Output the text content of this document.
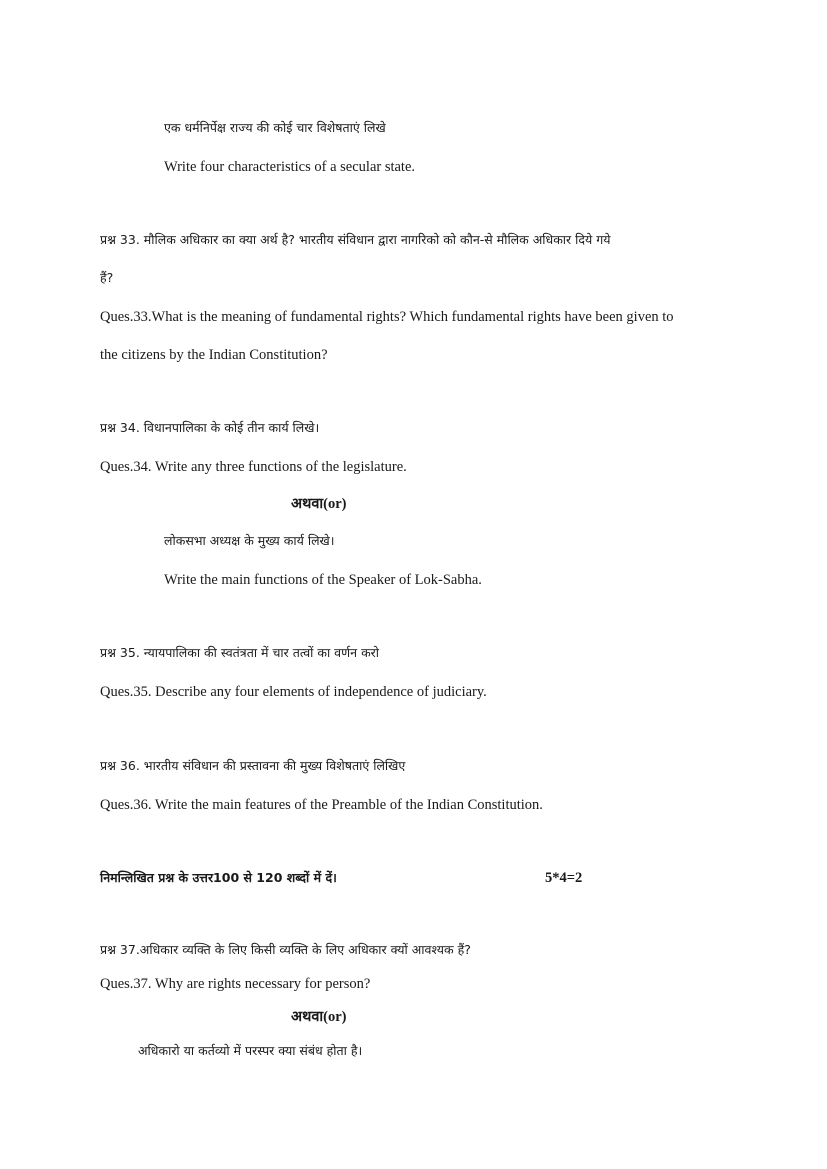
एक धर्मनिर्पेक्ष राज्य की कोई चार विशेषताएं लिखे
Write four characteristics of a secular state.
प्रश्न 33. मौलिक अधिकार का क्या अर्थ है? भारतीय संविधान द्वारा नागरिको को कौन-से मौलिक अधिकार दिये गये
हैं?
Ques.33.What is the meaning of fundamental rights? Which fundamental rights have been given to
the citizens by the Indian Constitution?
प्रश्न 34. विधानपालिका के कोई तीन कार्य लिखे।
Ques.34. Write any three functions of the legislature.
अथवा(or)
लोकसभा अध्यक्ष के मुख्य कार्य लिखे।
Write the main functions of the Speaker of Lok-Sabha.
प्रश्न 35. न्यायपालिका की स्वतंत्रता में चार तत्वों का वर्णन करो
Ques.35. Describe any four elements of independence of judiciary.
प्रश्न 36. भारतीय संविधान की प्रस्तावना की मुख्य विशेषताएं लिखिए
Ques.36. Write the main features of the Preamble of the Indian Constitution.
निमन्लिखित प्रश्न के उत्तर100 से 120 शब्दों में दें।	5*4=2
प्रश्न 37.अधिकार व्यक्ति के लिए किसी व्यक्ति के लिए अधिकार क्यों आवश्यक हैं?
Ques.37. Why are rights necessary for person?
अथवा(or)
अधिकारो या कर्तव्यो में परस्पर क्या संबंध होता है।
